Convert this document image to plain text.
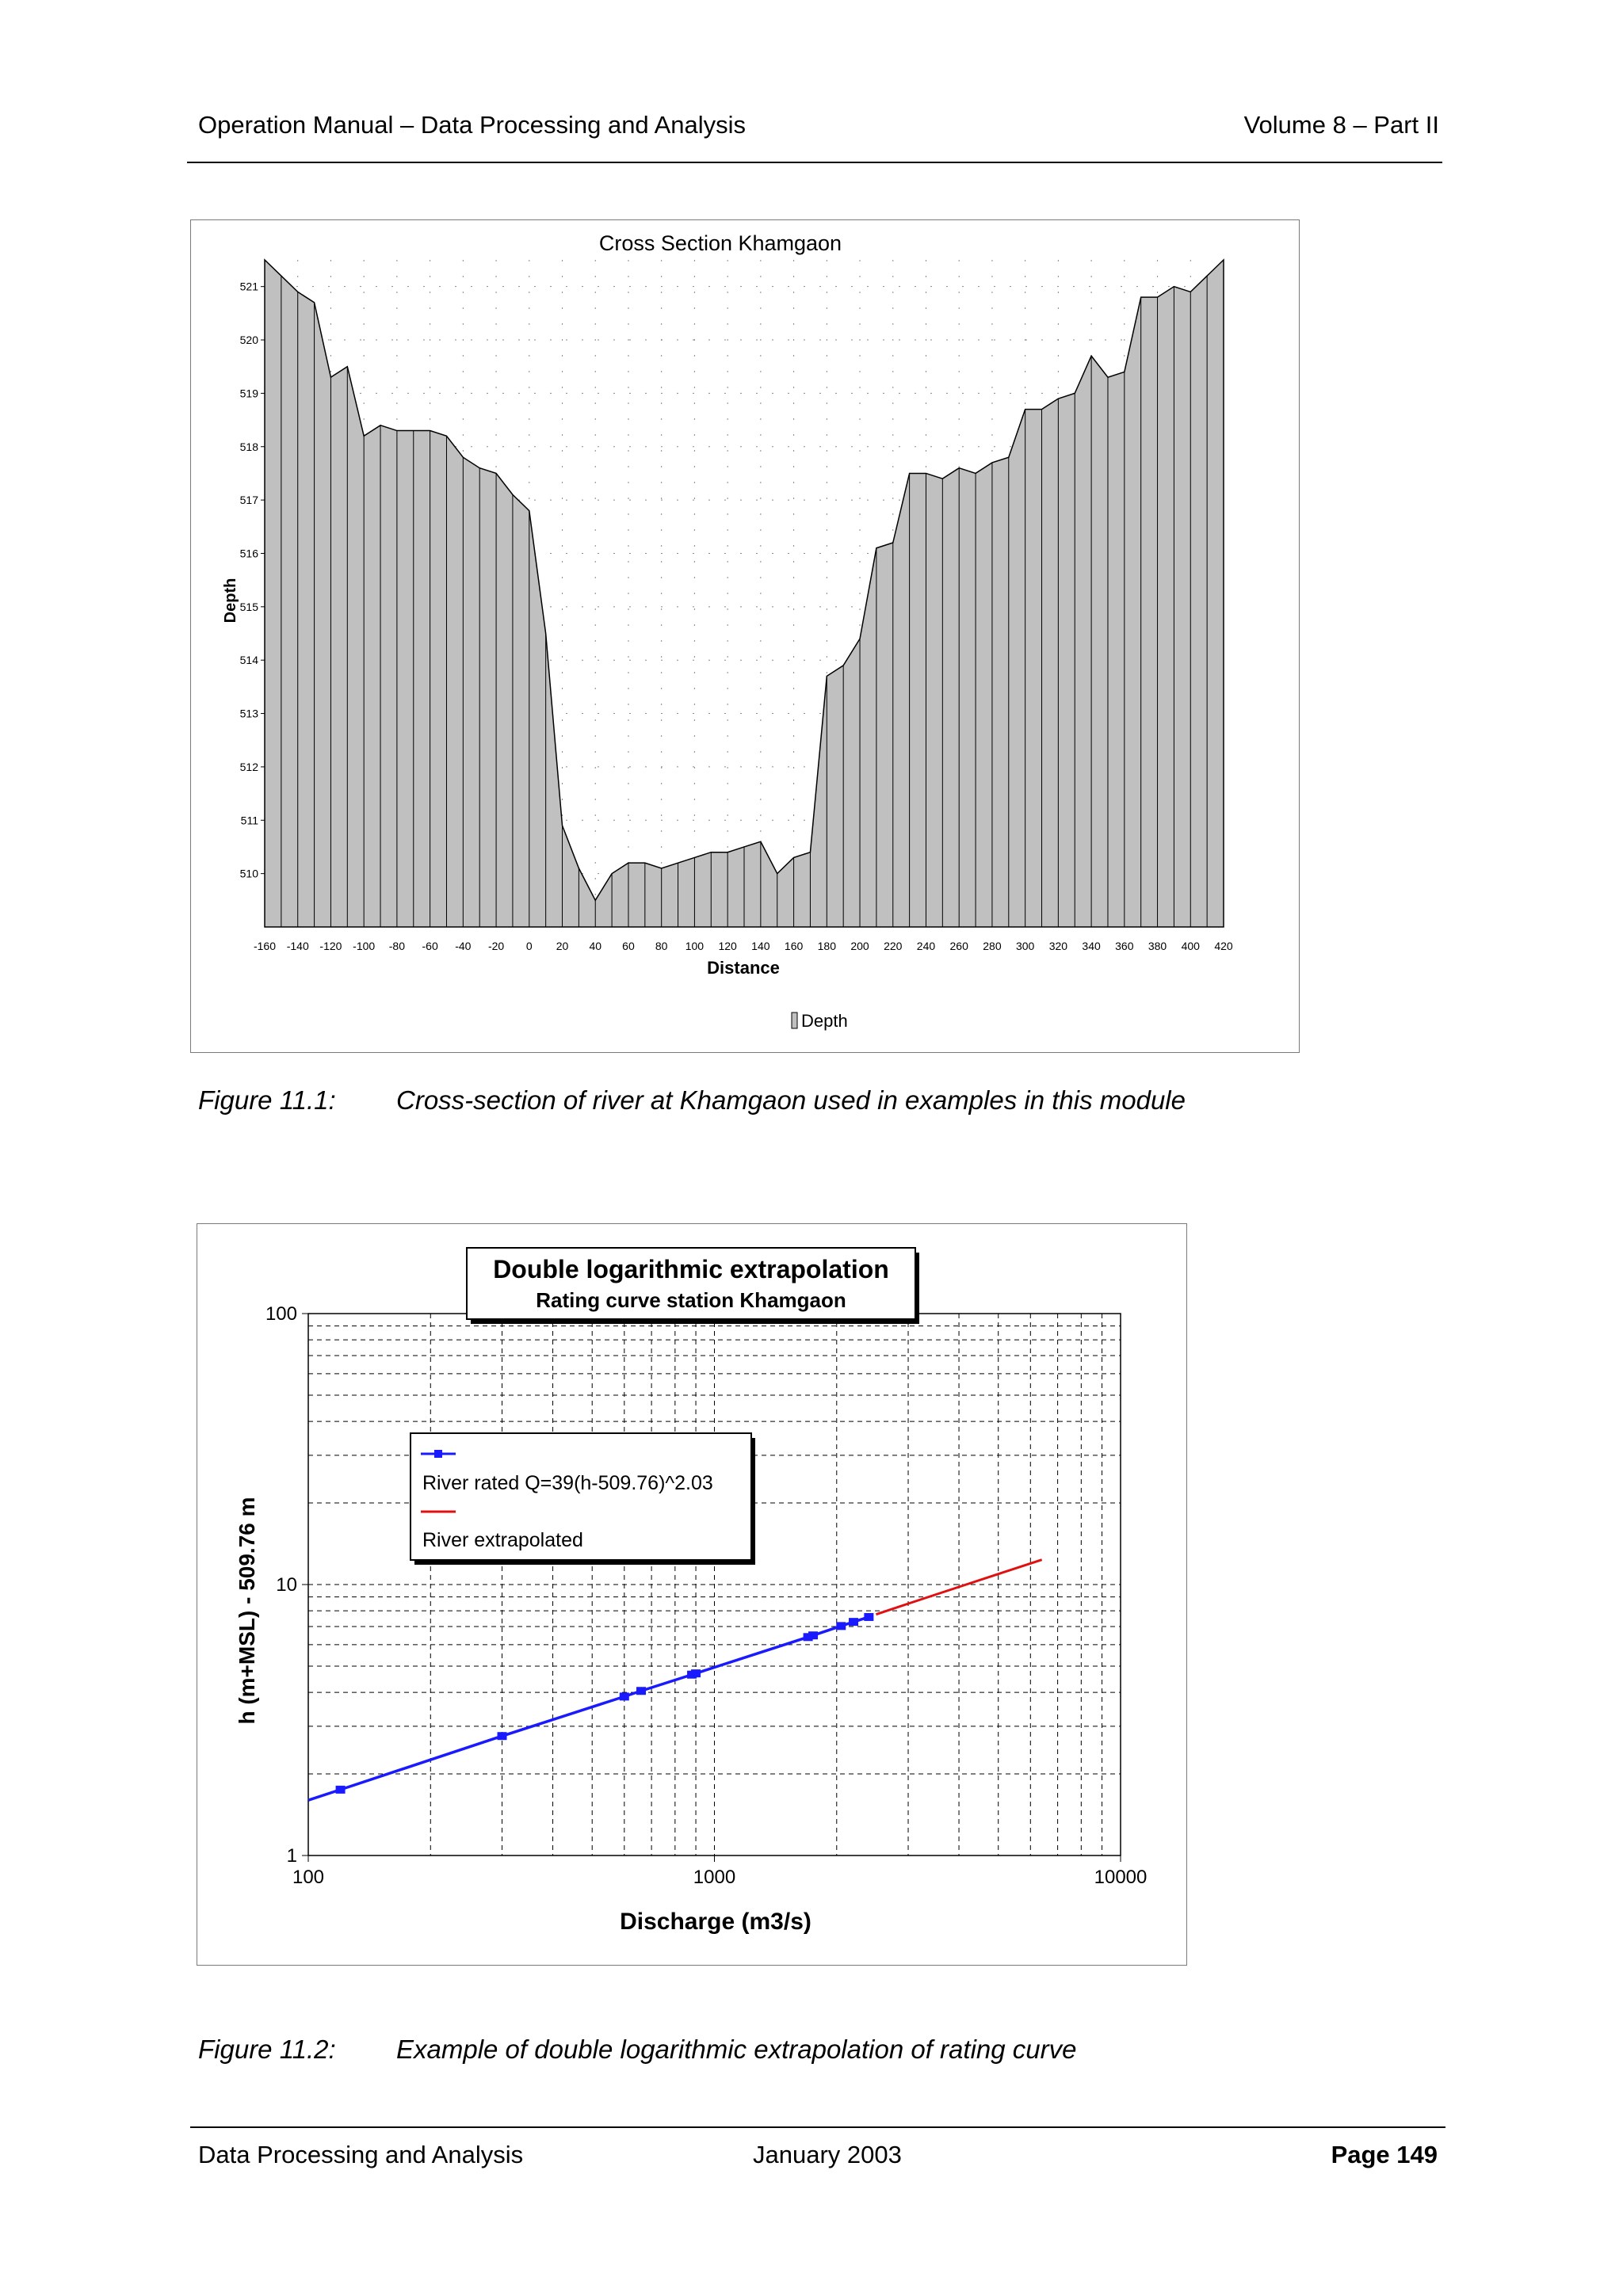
Operation Manual – Data Processing and Analysis	Volume 8 – Part II
Cross Section Khamgaon
Depth
Distance
Depth
510
511
512
513
514
515
516
517
518
519
520
521
-160 -140 -120 -100 -80 -60 -40 -20 0 20 40 60 80 100 120 140 160 180 200 220 240 260 280 300 320 340 360 380 400 420
Figure 11.1: Cross-section of river at Khamgaon used in examples in this module
100	1000	10000
1
10
100
Double logarithmic extrapolation
Rating curve station Khamgaon
River rated Q=39(h-509.76)^2.03
River extrapolated
h (m+MSL) - 509.76 m
Discharge (m3/s)
Figure 11.2: Example of double logarithmic extrapolation of rating curve
Data Processing and Analysis	January 2003	Page 149
